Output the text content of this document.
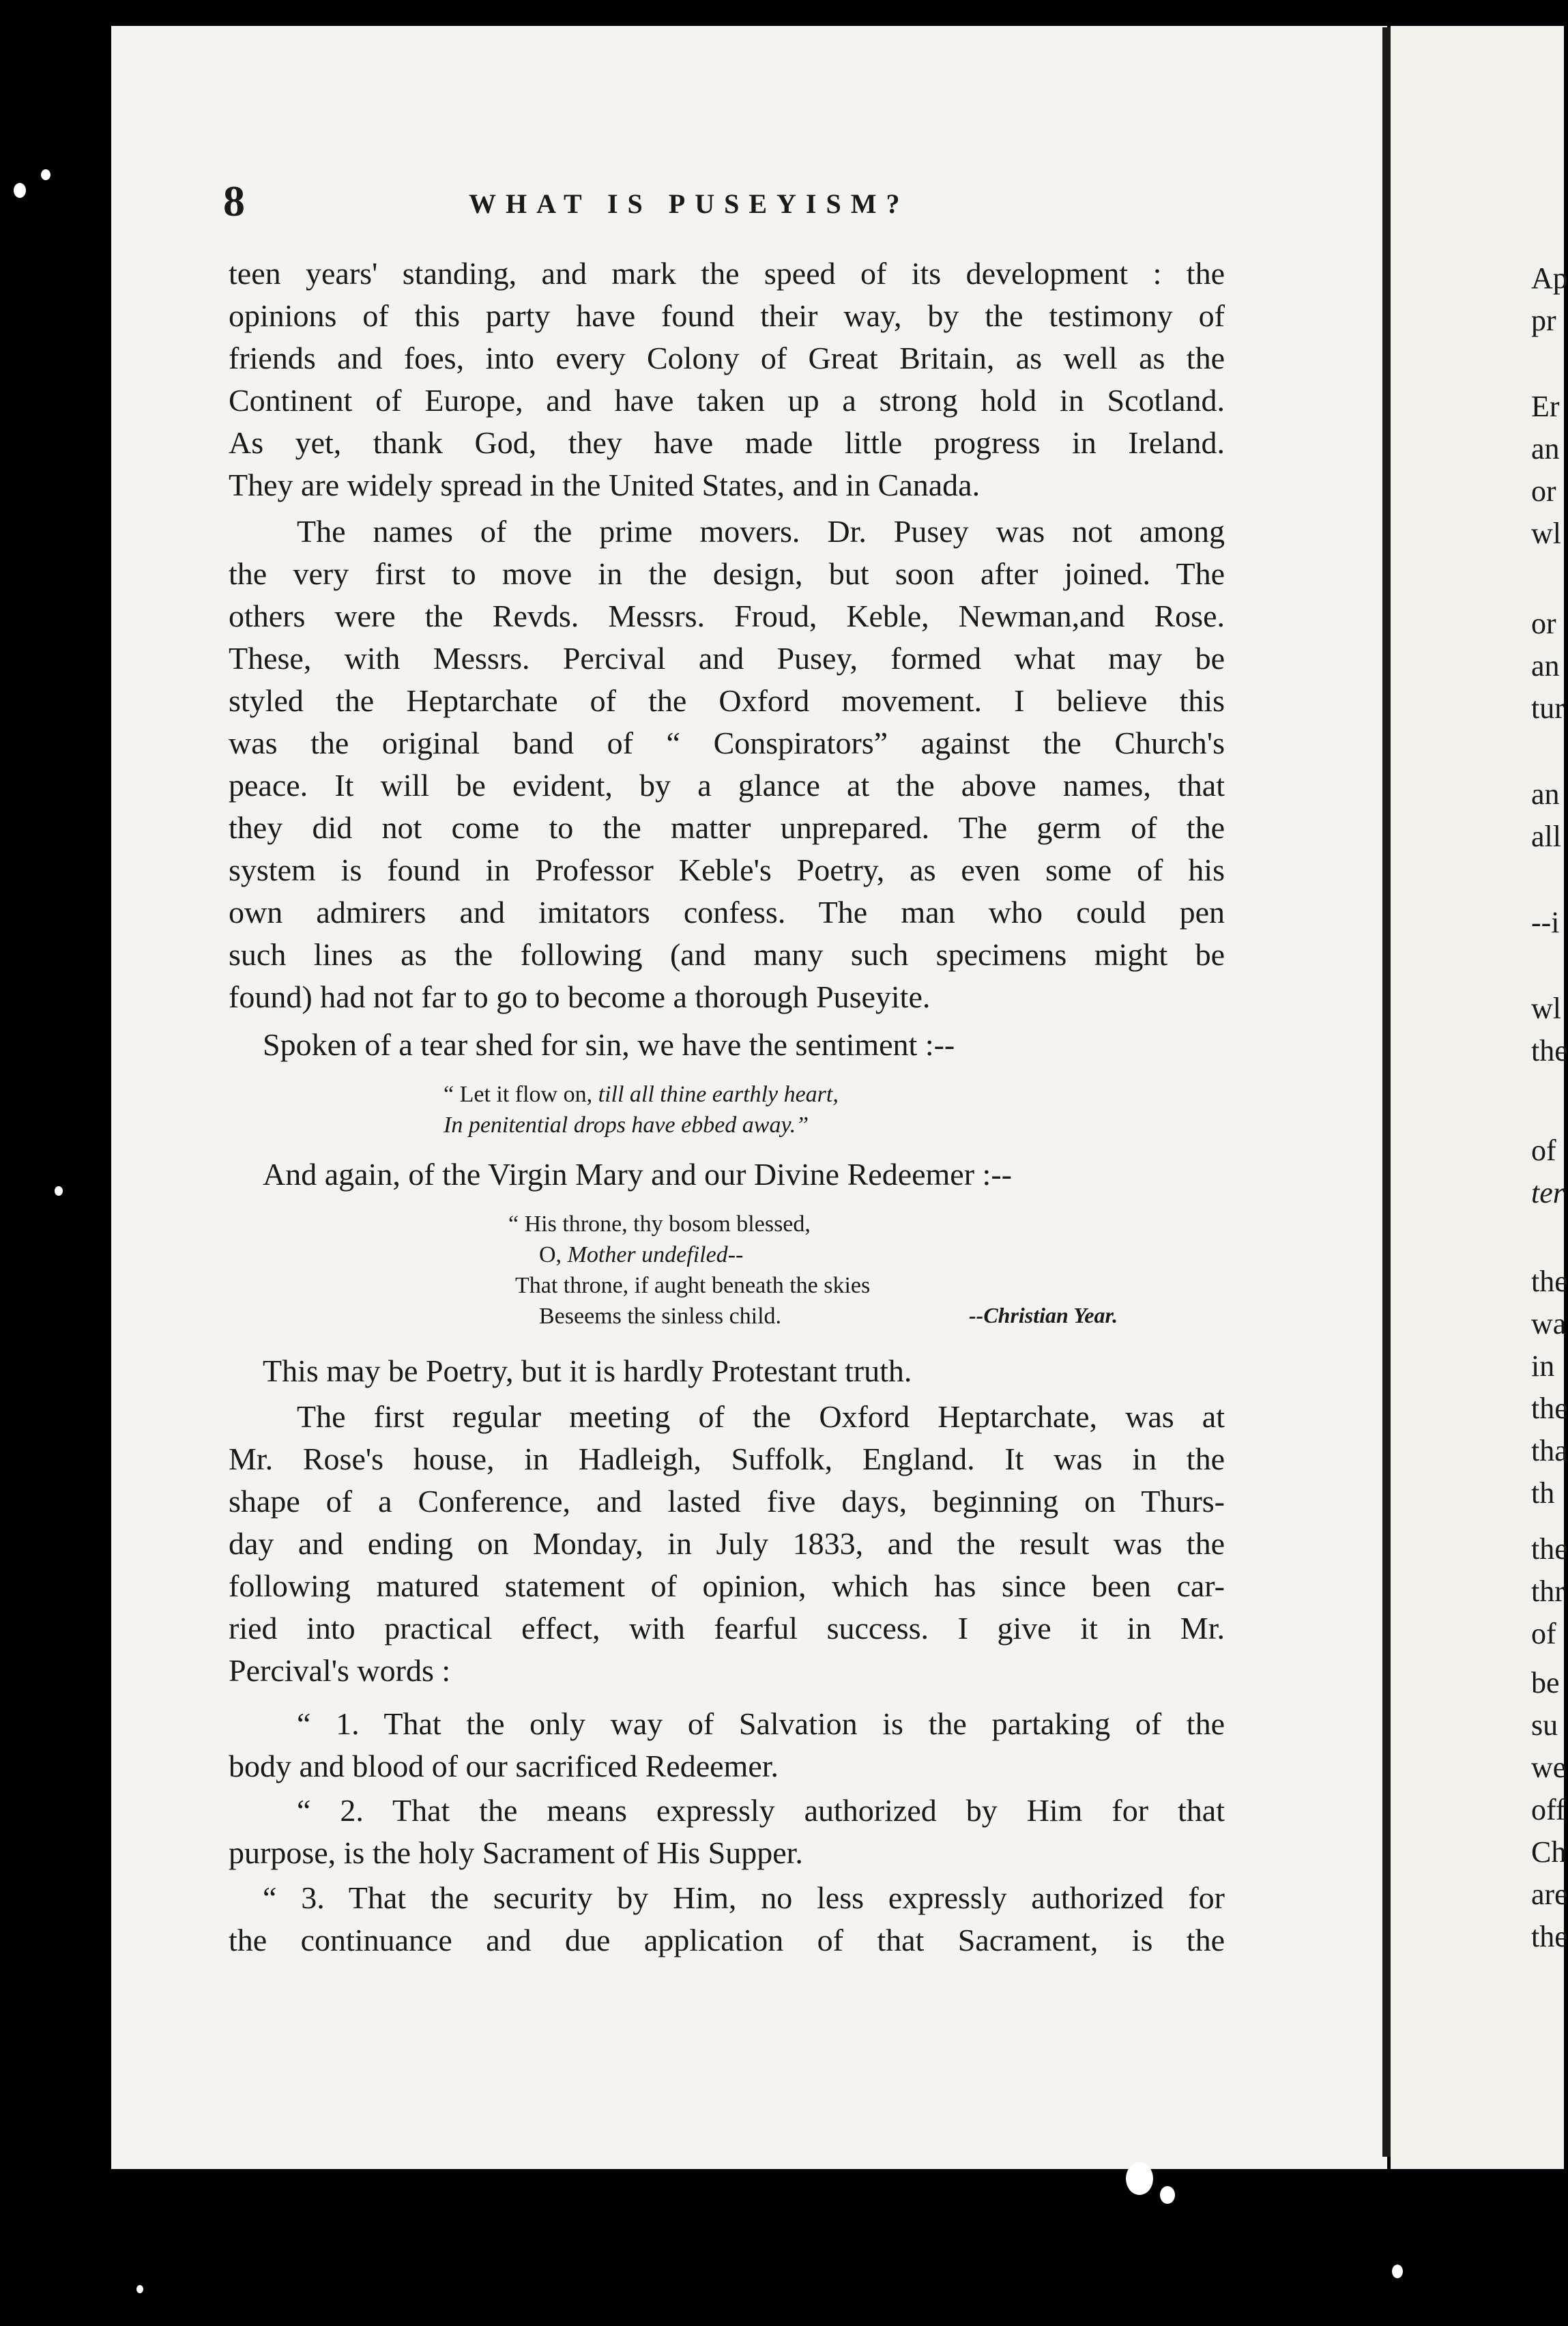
8	WHAT IS PUSEYISM?
teen years' standing, and mark the speed of its development : the
opinions of this party have found their way, by the testimony of
friends and foes, into every Colony of Great Britain, as well as the
Continent of Europe, and have taken up a strong hold in Scotland.
As yet, thank God, they have made little progress in Ireland.
They are widely spread in the United States, and in Canada.
The names of the prime movers. Dr. Pusey was not among
the very first to move in the design, but soon after joined. The
others were the Revds. Messrs. Froud, Keble, Newman,and Rose.
These, with Messrs. Percival and Pusey, formed what may be
styled the Heptarchate of the Oxford movement. I believe this
was the original band of “ Conspirators” against the Church's
peace. It will be evident, by a glance at the above names, that
they did not come to the matter unprepared. The germ of the
system is found in Professor Keble's Poetry, as even some of his
own admirers and imitators confess. The man who could pen
such lines as the following (and many such specimens might be
found) had not far to go to become a thorough Puseyite.
Spoken of a tear shed for sin, we have the sentiment :--
“ Let it flow on, till all thine earthly heart,
In penitential drops have ebbed away.”
And again, of the Virgin Mary and our Divine Redeemer :--
“ His throne, thy bosom blessed,
O, Mother undefiled--
That throne, if aught beneath the skies
Beseems the sinless child.	--Christian Year.
This may be Poetry, but it is hardly Protestant truth.
The first regular meeting of the Oxford Heptarchate, was at
Mr. Rose's house, in Hadleigh, Suffolk, England. It was in the
shape of a Conference, and lasted five days, beginning on Thurs-
day and ending on Monday, in July 1833, and the result was the
following matured statement of opinion, which has since been car-
ried into practical effect, with fearful success. I give it in Mr.
Percival's words :
“ 1. That the only way of Salvation is the partaking of the
body and blood of our sacrificed Redeemer.
“ 2. That the means expressly authorized by Him for that
purpose, is the holy Sacrament of His Supper.
“ 3. That the security by Him, no less expressly authorized for
the continuance and due application of that Sacrament, is the
Ap
pr
Er
an
or
wl
or
an
tur
an
all
--i
wl
the
of
ter
the
wa
in
the
tha
th
the
thr
of
be
su
we
off
Ch
are
the
